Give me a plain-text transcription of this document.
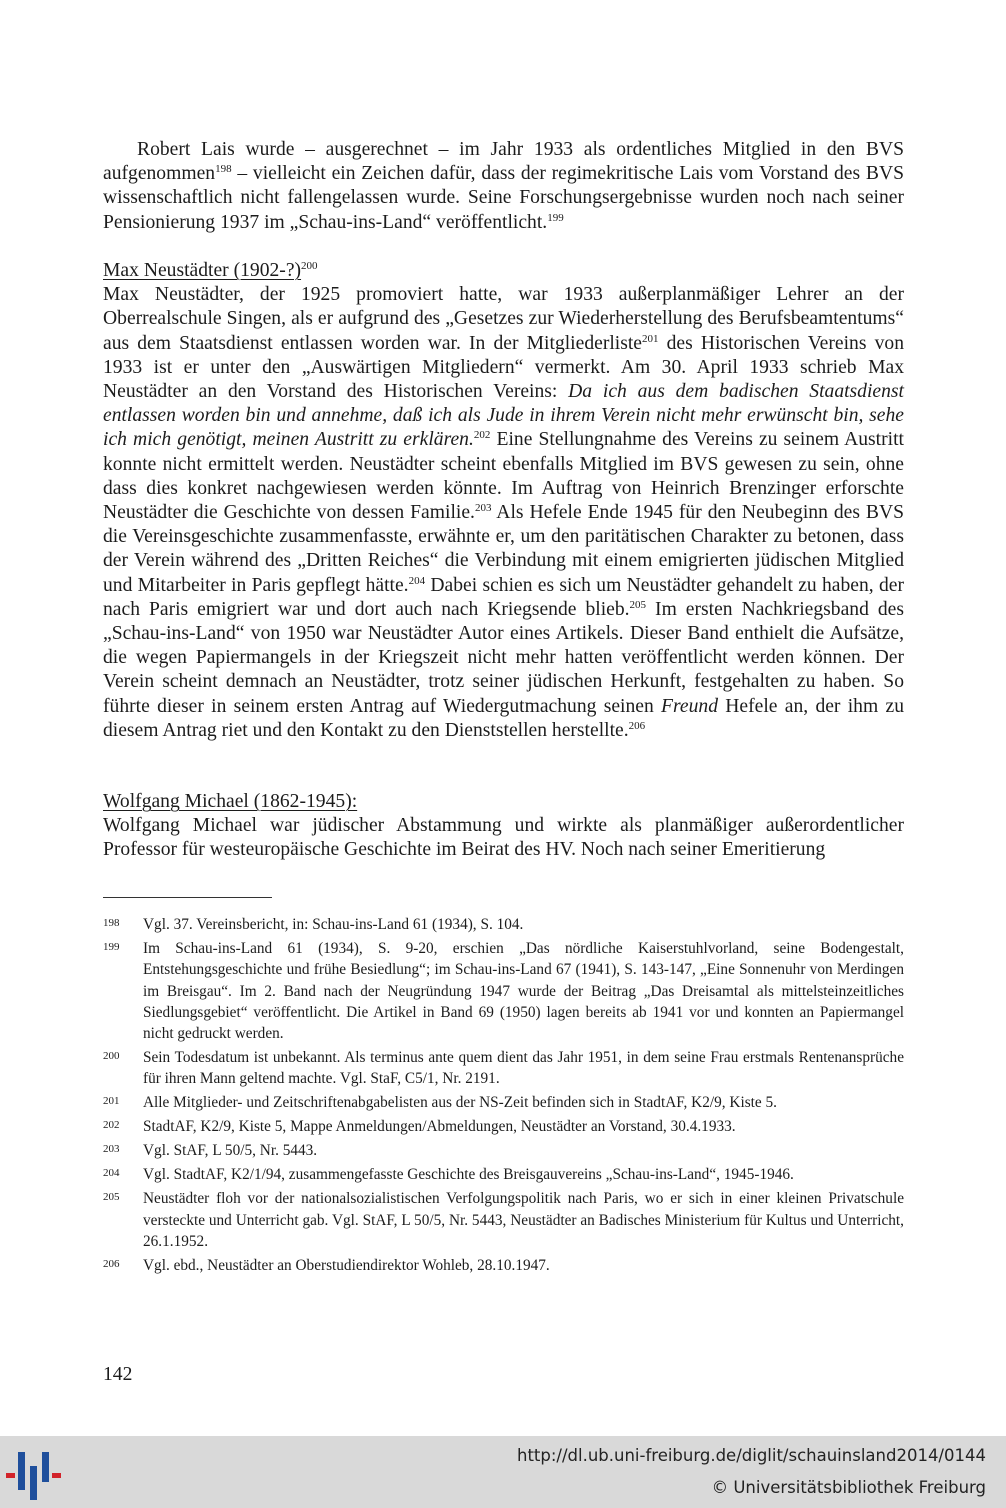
Robert Lais wurde – ausgerechnet – im Jahr 1933 als ordentliches Mitglied in den BVS aufgenommen$^{198}$ – vielleicht ein Zeichen dafür, dass der regimekritische Lais vom Vorstand des BVS wissenschaftlich nicht fallengelassen wurde. Seine Forschungsergebnisse wurden noch nach seiner Pensionierung 1937 im „Schau-ins-Land“ veröffentlicht.$^{199}$

Max Neustädter (1902-?)$^{200}$

Max Neustädter, der 1925 promoviert hatte, war 1933 außerplanmäßiger Lehrer an der Oberrealschule Singen, als er aufgrund des „Gesetzes zur Wiederherstellung des Berufsbeamtentums“ aus dem Staatsdienst entlassen worden war. In der Mitgliederliste$^{201}$ des Historischen Vereins von 1933 ist er unter den „Auswärtigen Mitgliedern“ vermerkt. Am 30. April 1933 schrieb Max Neustädter an den Vorstand des Historischen Vereins: Da ich aus dem badischen Staatsdienst entlassen worden bin und annehme, daß ich als Jude in ihrem Verein nicht mehr erwünscht bin, sehe ich mich genötigt, meinen Austritt zu erklären.$^{202}$ Eine Stellungnahme des Vereins zu seinem Austritt konnte nicht ermittelt werden. Neustädter scheint ebenfalls Mitglied im BVS gewesen zu sein, ohne dass dies konkret nachgewiesen werden könnte. Im Auftrag von Heinrich Brenzinger erforschte Neustädter die Geschichte von dessen Familie.$^{203}$ Als Hefele Ende 1945 für den Neubeginn des BVS die Vereinsgeschichte zusammenfasste, erwähnte er, um den paritätischen Charakter zu betonen, dass der Verein während des „Dritten Reiches“ die Verbindung mit einem emigrierten jüdischen Mitglied und Mitarbeiter in Paris gepflegt hätte.$^{204}$ Dabei schien es sich um Neustädter gehandelt zu haben, der nach Paris emigriert war und dort auch nach Kriegsende blieb.$^{205}$ Im ersten Nachkriegsband des „Schau-ins-Land“ von 1950 war Neustädter Autor eines Artikels. Dieser Band enthielt die Aufsätze, die wegen Papiermangels in der Kriegszeit nicht mehr hatten veröffentlicht werden können. Der Verein scheint demnach an Neustädter, trotz seiner jüdischen Herkunft, festgehalten zu haben. So führte dieser in seinem ersten Antrag auf Wiedergutmachung seinen Freund Hefele an, der ihm zu diesem Antrag riet und den Kontakt zu den Dienststellen herstellte.$^{206}$

Wolfgang Michael (1862-1945):

Wolfgang Michael war jüdischer Abstammung und wirkte als planmäßiger außerordentlicher Professor für westeuropäische Geschichte im Beirat des HV. Noch nach seiner Emeritierung

198	Vgl. 37. Vereinsbericht, in: Schau-ins-Land 61 (1934), S. 104.
199	Im Schau-ins-Land 61 (1934), S. 9-20, erschien „Das nördliche Kaiserstuhlvorland, seine Bodengestalt, Entstehungsgeschichte und frühe Besiedlung“; im Schau-ins-Land 67 (1941), S. 143-147, „Eine Sonnenuhr von Merdingen im Breisgau“. Im 2. Band nach der Neugründung 1947 wurde der Beitrag „Das Dreisamtal als mittelsteinzeitliches Siedlungsgebiet“ veröffentlicht. Die Artikel in Band 69 (1950) lagen bereits ab 1941 vor und konnten an Papiermangel nicht gedruckt werden.
200	Sein Todesdatum ist unbekannt. Als terminus ante quem dient das Jahr 1951, in dem seine Frau erstmals Rentenansprüche für ihren Mann geltend machte. Vgl. StaF, C5/1, Nr. 2191.
201	Alle Mitglieder- und Zeitschriftenabgabelisten aus der NS-Zeit befinden sich in StadtAF, K2/9, Kiste 5.
202	StadtAF, K2/9, Kiste 5, Mappe Anmeldungen/Abmeldungen, Neustädter an Vorstand, 30.4.1933.
203	Vgl. StAF, L 50/5, Nr. 5443.
204	Vgl. StadtAF, K2/1/94, zusammengefasste Geschichte des Breisgauvereins „Schau-ins-Land“, 1945-1946.
205	Neustädter floh vor der nationalsozialistischen Verfolgungspolitik nach Paris, wo er sich in einer kleinen Privatschule versteckte und Unterricht gab. Vgl. StAF, L 50/5, Nr. 5443, Neustädter an Badisches Ministerium für Kultus und Unterricht, 26.1.1952.
206	Vgl. ebd., Neustädter an Oberstudiendirektor Wohleb, 28.10.1947.
142
http://dl.ub.uni-freiburg.de/diglit/schauinsland2014/0144
© Universitätsbibliothek Freiburg
